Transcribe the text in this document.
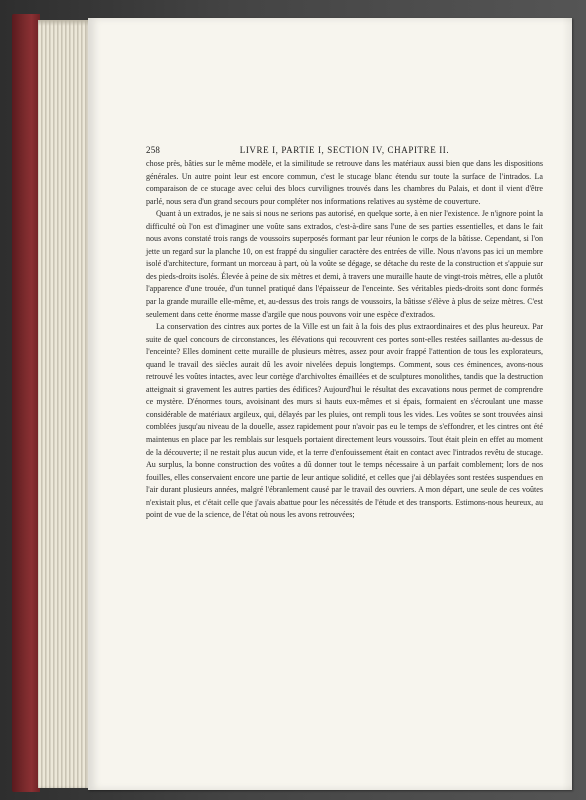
258	LIVRE I, PARTIE I, SECTION IV, CHAPITRE II.

chose près, bâties sur le même modèle, et la similitude se retrouve dans les matériaux aussi bien que dans les dispositions générales. Un autre point leur est encore commun, c'est le stucage blanc étendu sur toute la surface de l'intrados. La comparaison de ce stucage avec celui des blocs curvilignes trouvés dans les chambres du Palais, et dont il vient d'être parlé, nous sera d'un grand secours pour compléter nos informations relatives au système de couverture.

Quant à un extrados, je ne sais si nous ne serions pas autorisé, en quelque sorte, à en nier l'existence. Je n'ignore point la difficulté où l'on est d'imaginer une voûte sans extrados, c'est-à-dire sans l'une de ses parties essentielles, et dans le fait nous avons constaté trois rangs de voussoirs superposés formant par leur réunion le corps de la bâtisse. Cependant, si l'on jette un regard sur la planche 10, on est frappé du singulier caractère des entrées de ville. Nous n'avons pas ici un membre isolé d'architecture, formant un morceau à part, où la voûte se dégage, se détache du reste de la construction et s'appuie sur des pieds-droits isolés. Élevée à peine de six mètres et demi, à travers une muraille haute de vingt-trois mètres, elle a plutôt l'apparence d'une trouée, d'un tunnel pratiqué dans l'épaisseur de l'enceinte. Ses véritables pieds-droits sont donc formés par la grande muraille elle-même, et, au-dessus des trois rangs de voussoirs, la bâtisse s'élève à plus de seize mètres. C'est seulement dans cette énorme masse d'argile que nous pouvons voir une espèce d'extrados.

La conservation des cintres aux portes de la Ville est un fait à la fois des plus extraordinaires et des plus heureux. Par suite de quel concours de circonstances, les élévations qui recouvrent ces portes sont-elles restées saillantes au-dessus de l'enceinte? Elles dominent cette muraille de plusieurs mètres, assez pour avoir frappé l'attention de tous les explorateurs, quand le travail des siècles aurait dû les avoir nivelées depuis longtemps. Comment, sous ces éminences, avons-nous retrouvé les voûtes intactes, avec leur cortège d'archivoltes émaillées et de sculptures monolithes, tandis que la destruction atteignait si gravement les autres parties des édifices? Aujourd'hui le résultat des excavations nous permet de comprendre ce mystère. D'énormes tours, avoisinant des murs si hauts eux-mêmes et si épais, formaient en s'écroulant une masse considérable de matériaux argileux, qui, délayés par les pluies, ont rempli tous les vides. Les voûtes se sont trouvées ainsi comblées jusqu'au niveau de la douelle, assez rapidement pour n'avoir pas eu le temps de s'effondrer, et les cintres ont été maintenus en place par les remblais sur lesquels portaient directement leurs voussoirs. Tout était plein en effet au moment de la découverte; il ne restait plus aucun vide, et la terre d'enfouissement était en contact avec l'intrados revêtu de stucage. Au surplus, la bonne construction des voûtes a dû donner tout le temps nécessaire à un parfait comblement; lors de nos fouilles, elles conservaient encore une partie de leur antique solidité, et celles que j'ai déblayées sont restées suspendues en l'air durant plusieurs années, malgré l'ébranlement causé par le travail des ouvriers. A mon départ, une seule de ces voûtes n'existait plus, et c'était celle que j'avais abattue pour les nécessités de l'étude et des transports. Estimons-nous heureux, au point de vue de la science, de l'état où nous les avons retrouvées;
